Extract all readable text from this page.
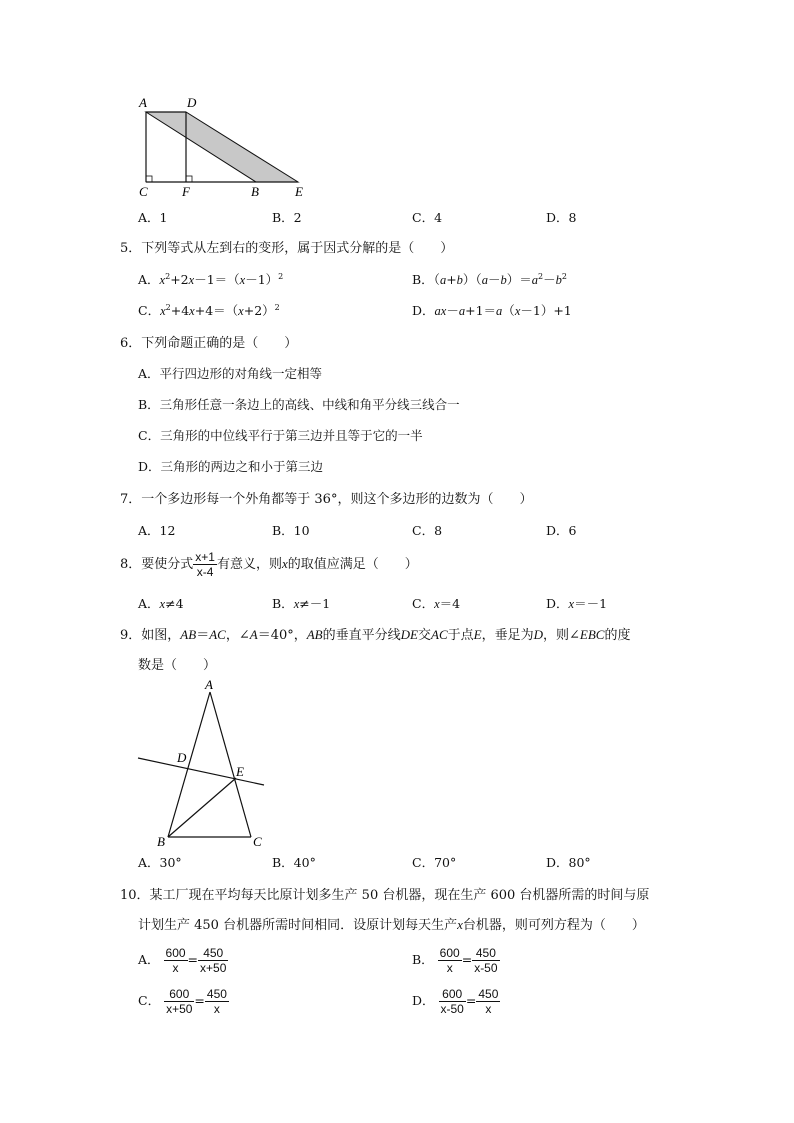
A	D
C	F	B	E
A．1	B．2	C．4	D．8
5．下列等式从左到右的变形，属于因式分解的是（　　）
A．$x^2+2x-1=(x-1)^2$	B．$(a+b)(a-b)=a^2-b^2$
C．$x^2+4x+4=(x+2)^2$	D．ax－a+1＝a（x－1）+1
6．下列命题正确的是（　　）
A．平行四边形的对角线一定相等
B．三角形任意一条边上的高线、中线和角平分线三线合一
C．三角形的中位线平行于第三边并且等于它的一半
D．三角形的两边之和小于第三边
7．一个多边形每一个外角都等于 36°，则这个多边形的边数为（　　）
A．12	B．10	C．8	D．6
8．要使分式 $\frac{x+1}{x-4}$ 有意义，则x的取值应满足（　　）
A．x≠4	B．x≠－1	C．x＝4	D．x＝－1
9．如图，AB＝AC，∠A＝40°，AB的垂直平分线DE交AC于点E，垂足为D，则∠EBC的度
数是（　　）
A
D
E
B	C
A．30°	B．40°	C．70°	D．80°
10．某工厂现在平均每天比原计划多生产 50 台机器，现在生产 600 台机器所需的时间与原
计划生产 450 台机器所需时间相同．设原计划每天生产x台机器，则可列方程为（　　）
A． $\frac{600}{x} = \frac{450}{x+50}$	B． $\frac{600}{x} = \frac{450}{x-50}$
C． $\frac{600}{x+50} = \frac{450}{x}$	D． $\frac{600}{x-50} = \frac{450}{x}$
